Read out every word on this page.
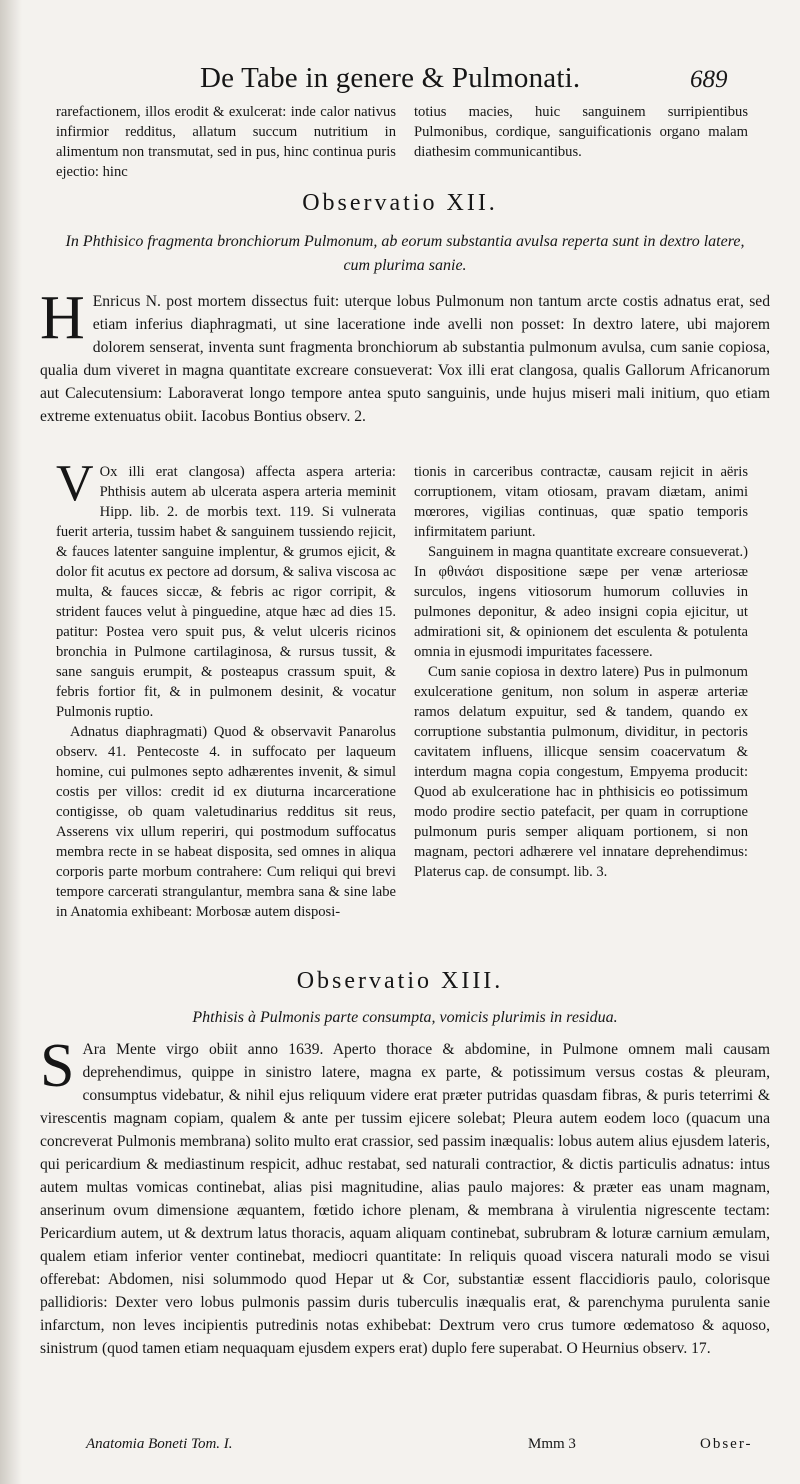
De Tabe in genere & Pulmonati.	689

rarefactionem, illos erodit & exulcerat: inde calor nativus infirmior redditus, allatum succum nutritium in alimentum non transmutat, sed in pus, hinc continua puris ejectio: hinc

totius macies, huic sanguinem surripientibus Pulmonibus, cordique, sanguificationis organo malam diathesim communicantibus.

Observatio XII.
In Phthisico fragmenta bronchiorum Pulmonum, ab eorum substantia avulsa reperta sunt in dextro latere, cum plurima sanie.

H Enricus N. post mortem dissectus fuit: uterque lobus Pulmonum non tantum arcte costis adnatus erat, sed etiam inferius diaphragmati, ut sine laceratione inde avelli non posset: In dextro latere, ubi majorem dolorem senserat, inventa sunt fragmenta bronchiorum ab substantia pulmonum avulsa, cum sanie copiosa, qualia dum viveret in magna quantitate excreare consueverat: Vox illi erat clangosa, qualis Gallorum Africanorum aut Calecutensium: Laboraverat longo tempore antea sputo sanguinis, unde hujus miseri mali initium, quo etiam extreme extenuatus obiit. Iacobus Bontius observ. 2.

V Ox illi erat clangosa) affecta aspera arteria: Phthisis autem ab ulcerata aspera arteria meminit Hipp. lib. 2. de morbis text. 119. Si vulnerata fuerit arteria, tussim habet & sanguinem tussiendo rejicit, & fauces latenter sanguine implentur, & grumos ejicit, & dolor fit acutus ex pectore ad dorsum, & saliva viscosa ac multa, & fauces siccæ, & febris ac rigor corripit, & strident fauces velut à pinguedine, atque hæc ad dies 15. patitur: Postea vero spuit pus, & velut ulceris ricinos bronchia in Pulmone cartilaginosa, & rursus tussit, & sane sanguis erumpit, & posteapus crassum spuit, & febris fortior fit, & in pulmonem desinit, & vocatur Pulmonis ruptio.

Adnatus diaphragmati) Quod & observavit Panarolus observ. 41. Pentecoste 4. in suffocato per laqueum homine, cui pulmones septo adhærentes invenit, & simul costis per villos: credit id ex diuturna incarceratione contigisse, ob quam valetudinarius redditus sit reus, Asserens vix ullum reperiri, qui postmodum suffocatus membra recte in se habeat disposita, sed omnes in aliqua corporis parte morbum contrahere: Cum reliqui qui brevi tempore carcerati strangulantur, membra sana & sine labe in Anatomia exhibeant: Morbosæ autem disposi-

tionis in carceribus contractæ, causam rejicit in aëris corruptionem, vitam otiosam, pravam diætam, animi mœrores, vigilias continuas, quæ spatio temporis infirmitatem pariunt.

Sanguinem in magna quantitate excreare consueverat.) In φθινάσι dispositione sæpe per venæ arteriosæ surculos, ingens vitiosorum humorum colluvies in pulmones deponitur, & adeo insigni copia ejicitur, ut admirationi sit, & opinionem det esculenta & potulenta omnia in ejusmodi impuritates facessere.

Cum sanie copiosa in dextro latere) Pus in pulmonum exulceratione genitum, non solum in asperæ arteriæ ramos delatum expuitur, sed & tandem, quando ex corruptione substantia pulmonum, dividitur, in pectoris cavitatem influens, illicque sensim coacervatum & interdum magna copia congestum, Empyema producit: Quod ab exulceratione hac in phthisicis eo potissimum modo prodire sectio patefacit, per quam in corruptione pulmonum puris semper aliquam portionem, si non magnam, pectori adhærere vel innatare deprehendimus: Platerus cap. de consumpt. lib. 3.

Observatio XIII.
Phthisis à Pulmonis parte consumpta, vomicis plurimis in residua.

S Ara Mente virgo obiit anno 1639. Aperto thorace & abdomine, in Pulmone omnem mali causam deprehendimus, quippe in sinistro latere, magna ex parte, & potissimum versus costas & pleuram, consumptus videbatur, & nihil ejus reliquum videre erat præter putridas quasdam fibras, & puris teterrimi & virescentis magnam copiam, qualem & ante per tussim ejicere solebat; Pleura autem eodem loco (quacum una concreverat Pulmonis membrana) solito multo erat crassior, sed passim inæqualis: lobus autem alius ejusdem lateris, qui pericardium & mediastinum respicit, adhuc restabat, sed naturali contractior, & dictis particulis adnatus: intus autem multas vomicas continebat, alias pisi magnitudine, alias paulo majores: & præter eas unam magnam, anserinum ovum dimensione æquantem, fœtido ichore plenam, & membrana à virulentia nigrescente tectam: Pericardium autem, ut & dextrum latus thoracis, aquam aliquam continebat, subrubram & loturæ carnium æmulam, qualem etiam inferior venter continebat, mediocri quantitate: In reliquis quoad viscera naturali modo se visui offerebat: Abdomen, nisi solummodo quod Hepar ut & Cor, substantiæ essent flaccidioris paulo, colorisque pallidioris: Dexter vero lobus pulmonis passim duris tuberculis inæqualis erat, & parenchyma purulenta sanie infarctum, non leves incipientis putredinis notas exhibebat: Dextrum vero crus tumore œdematoso & aquoso, sinistrum (quod tamen etiam nequaquam ejusdem expers erat) duplo fere superabat. O Heurnius observ. 17.

Anatomia Boneti Tom. I.	Mmm 3	Obser-
